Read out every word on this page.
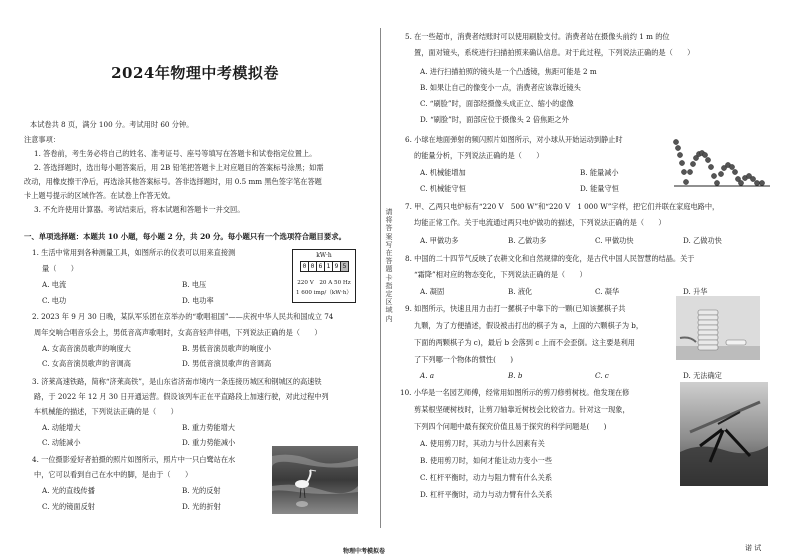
2024年物理中考模拟卷
本试卷共 8 页，满分 100 分。考试用时 60 分钟。
注意事项：
1. 答卷前，考生务必将自己的姓名、准考证号、座号等填写在答题卡和试卷指定位置上。
2. 答选择题时，选出每小题答案后，用 2B 铅笔把答题卡上对应题目的答案标号涂黑；如需
改动，用橡皮擦干净后，再选涂其他答案标号。答非选择题时，用 0.5 mm 黑色签字笔在答题
卡上题号提示的区域作答。在试卷上作答无效。
3. 不允许使用计算器。考试结束后，将本试题和答题卡一并交回。
一、单项选择题：本题共 10 小题，每小题 2 分，共 20 分。每小题只有一个选项符合题目要求。
1. 生活中常用到各种测量工具，如图所示的仪表可以用来直接测
量（　　）
A. 电流	B. 电压
C. 电功	D. 电功率
kW·h
0 0 6 1 9 5
220 V　20 A 50 Hz
1 600 imp/（kW·h）
2. 2023 年 9 月 30 日晚，某队军乐团在京举办的“歌唱祖国”——庆祝中华人民共和国成立 74
周年交响合唱音乐会上，男低音高声歌唱时，女高音轻声伴唱，下列说法正确的是（　　）
A. 女高音演员歌声的响度大	B. 男低音演员歌声的响度小
C. 女高音演员歌声的音调高	D. 男低音演员歌声的音调高
3. 济莱高速铁路，简称“济莱高铁”，是山东省济南市境内一条连接历城区和钢城区的高速铁
路，于 2022 年 12 月 30 日开通运营。假设该列车正在平直路段上加速行驶，对此过程中列
车机械能的描述，下列说法正确的是（　　）
A. 动能增大	B. 重力势能增大
C. 动能减小	D. 重力势能减小
4. 一位摄影爱好者拍摄的照片如图所示，照片中一只白鹭站在水
中，它可以看到自己在水中的脚，是由于（　　）
A. 光的直线传播	B. 光的反射
C. 光的镜面反射	D. 光的折射
物理中考模拟卷
请将答案写在答题卡指定区域内
5. 在一些超市，消费者结账时可以使用刷脸支付。消费者站在摄像头前约 1 m 的位
置，面对镜头，系统进行扫描拍照来确认信息。对于此过程，下列说法正确的是（　　）
A. 进行扫描拍照的镜头是一个凸透镜，焦距可能是 2 m
B. 如果让自己的像变小一点，消费者应该靠近镜头
C. “刷脸”时，面部经摄像头成正立、缩小的虚像
D. “刷脸”时，面部应位于摄像头 2 倍焦距之外
6. 小球在地面弹射的频闪照片如图所示，对小球从开始运动到静止时
的能量分析，下列说法正确的是（　　）
A. 机械能增加	B. 能量减小
C. 机械能守恒	D. 能量守恒
7. 甲、乙两只电炉标有“220 V　500 W”和“220 V　1 000 W”字样，把它们并联在家庭电路中，
均能正常工作。关于电流通过两只电炉做功的描述，下列说法正确的是（　　）
A. 甲做功多	B. 乙做功多	C. 甲做功快	D. 乙做功快
8. 中国的二十四节气反映了农耕文化和自然规律的变化，是古代中国人民智慧的结晶。关于
“霜降”相对应的物态变化，下列说法正确的是（　　）
A. 凝固	B. 液化	C. 凝华	D. 升华
9. 如图所示，快速且用力击打一摞棋子中靠下的一颗(已知该摞棋子共
九颗，为了方便描述，假设被击打出的棋子为 a，上面的六颗棋子为 b，
下面的两颗棋子为 c)，最后 b 会落到 c 上而不会歪倒。这主要是利用
了下列哪一个物体的惯性(　　)
A. a	B. b	C. c	D. 无法确定
10. 小华是一名园艺师傅，经常用如图所示的剪刀修剪树枝。他发现在修
剪某根坚硬树枝时，让剪刀轴靠近树枝会比较省力。针对这一现象，
下列四个问题中最有探究价值且易于探究的科学问题是(　　)
A. 使用剪刀时，其动力与什么因素有关
B. 使用剪刀时，如何才能让动力变小一些
C. 杠杆平衡时，动力与阻力臂有什么关系
D. 杠杆平衡时，动力与动力臂有什么关系
诺 试
